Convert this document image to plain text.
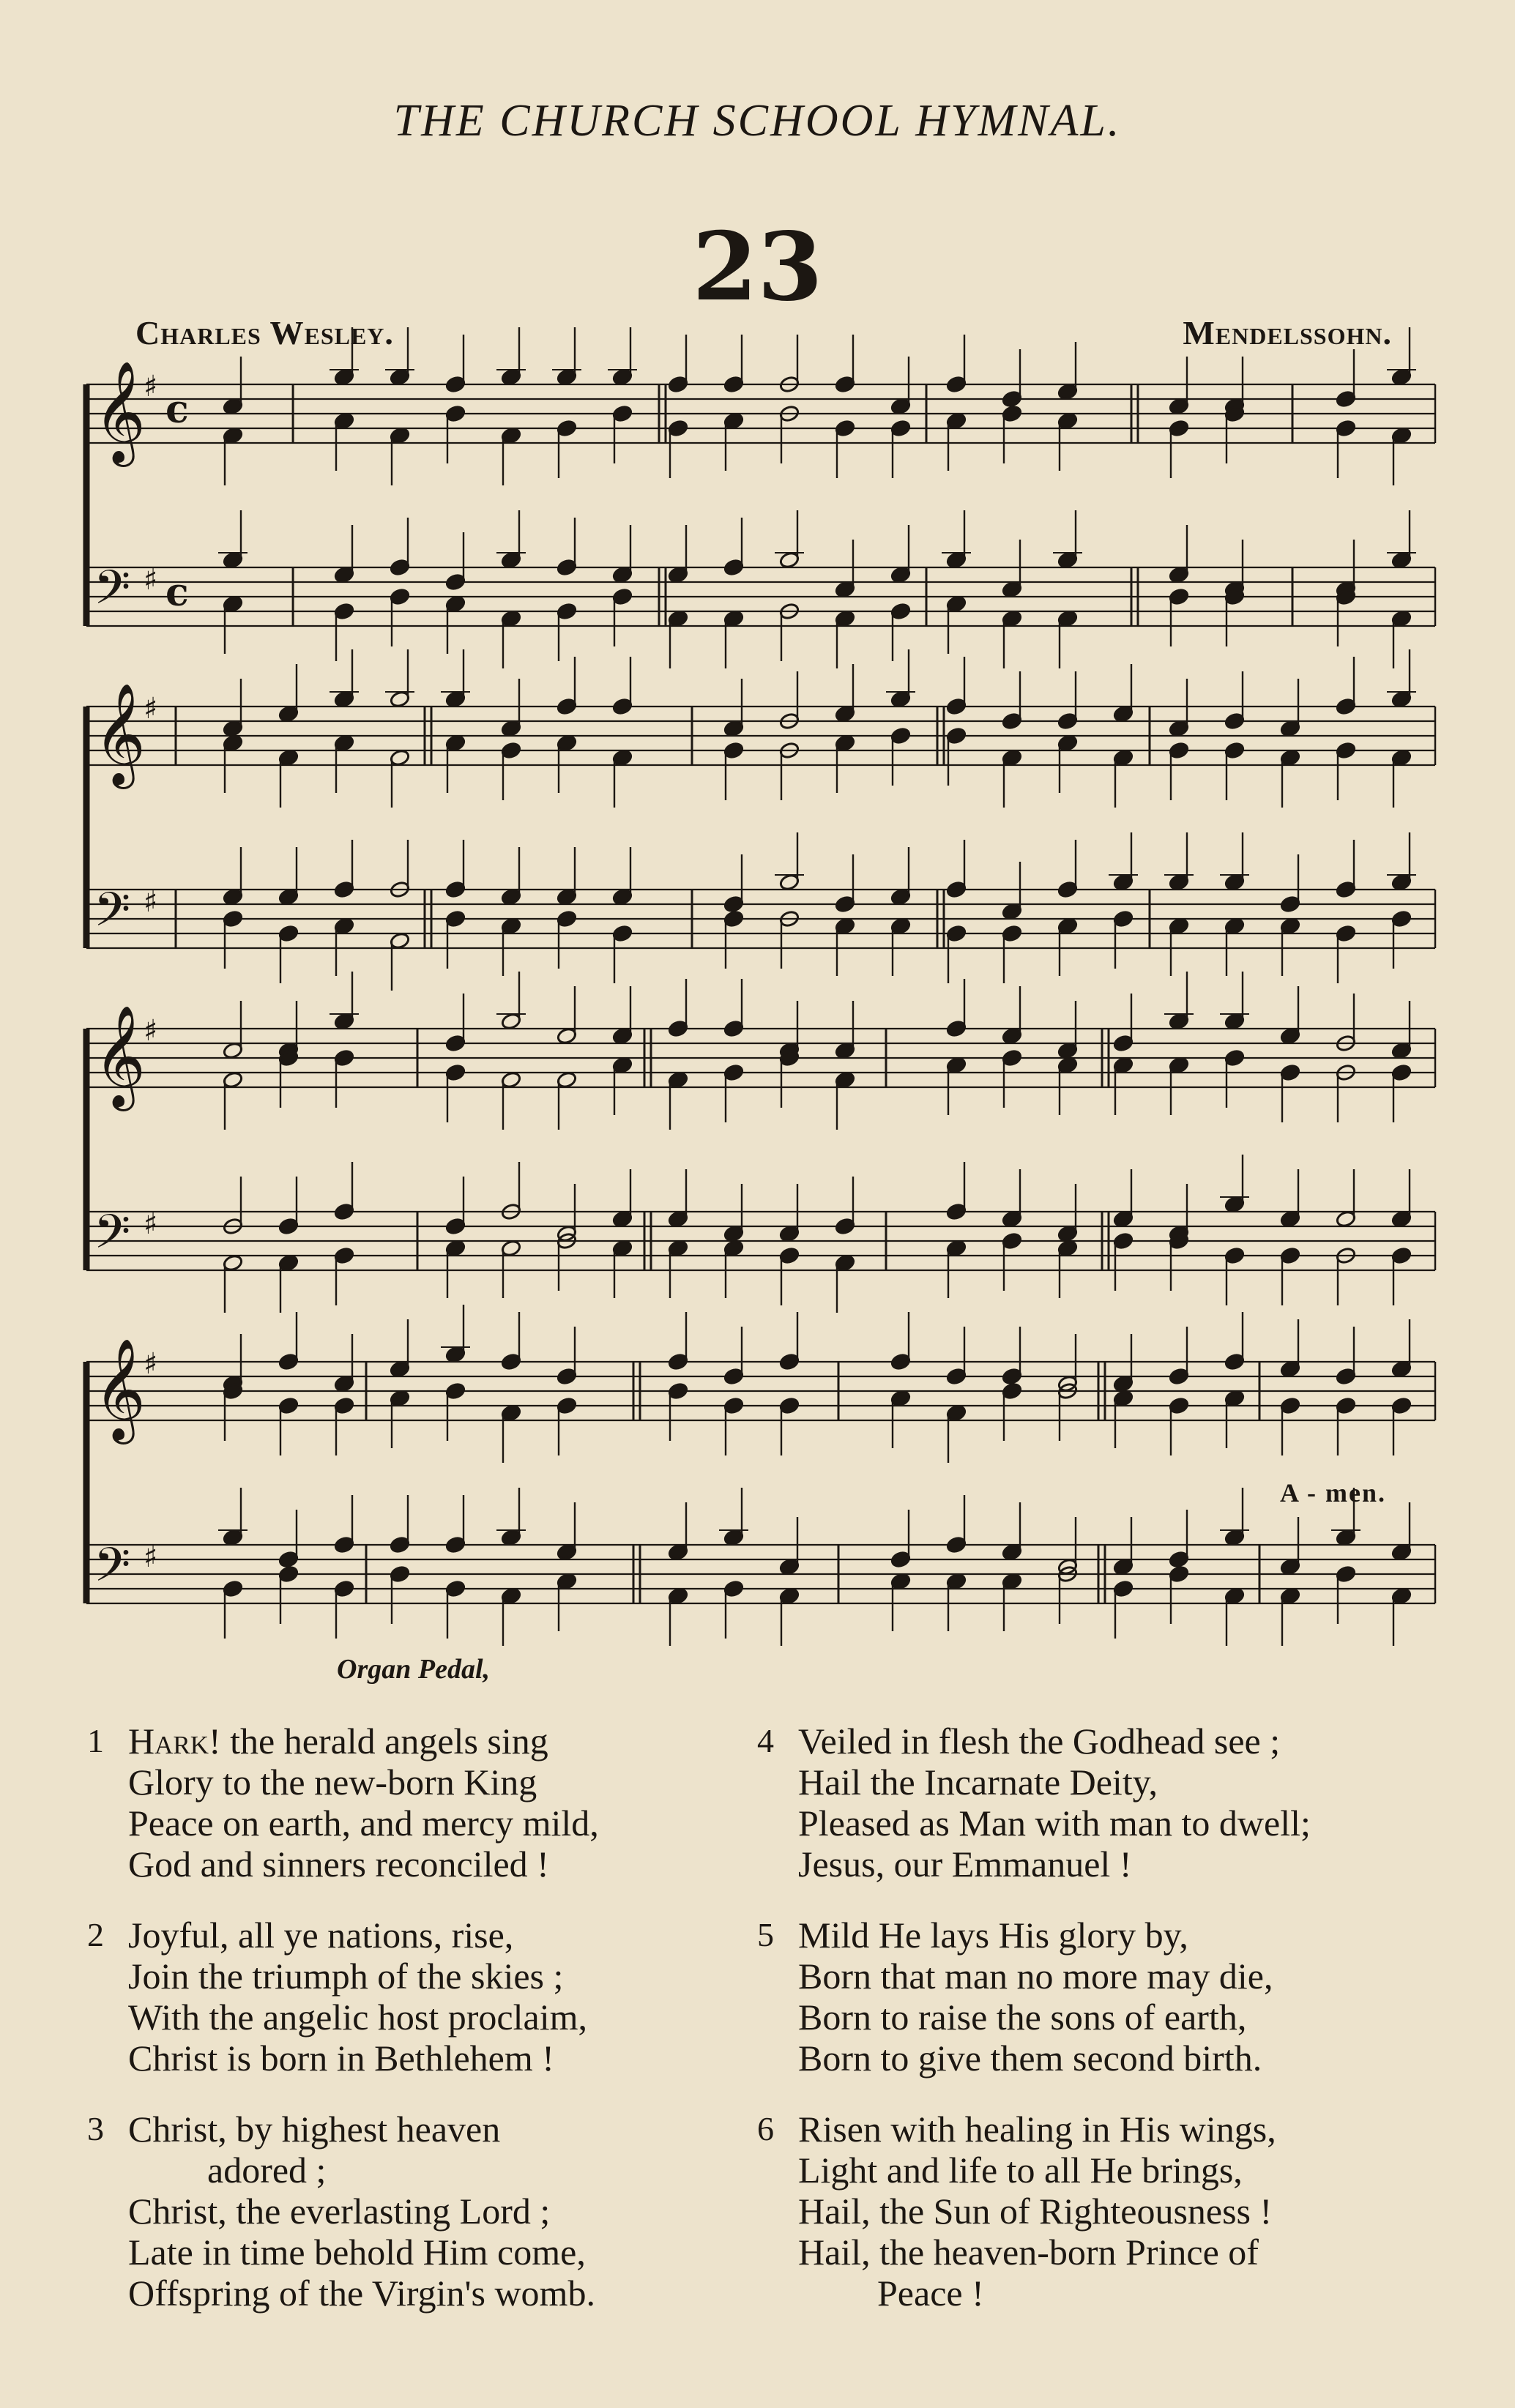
THE CHURCH SCHOOL HYMNAL.
23
Charles Wesley.	Mendelssohn.
𝄞
♯
c
𝄢 ♯ c
𝄞
♯
𝄢 ♯
𝄞
♯
𝄢 ♯
𝄞
♯
𝄢 ♯
A - men.
Organ Pedal,
1 Hark! the herald angels sing
Glory to the new-born King
Peace on earth, and mercy mild,
God and sinners reconciled !
2 Joyful, all ye nations, rise,
Join the triumph of the skies ;
With the angelic host proclaim,
Christ is born in Bethlehem !
3 Christ, by highest heaven
adored ;
Christ, the everlasting Lord ;
Late in time behold Him come,
Offspring of the Virgin's womb.
4 Veiled in flesh the Godhead see ;
Hail the Incarnate Deity,
Pleased as Man with man to dwell;
Jesus, our Emmanuel !
5 Mild He lays His glory by,
Born that man no more may die,
Born to raise the sons of earth,
Born to give them second birth.
6 Risen with healing in His wings,
Light and life to all He brings,
Hail, the Sun of Righteousness !
Hail, the heaven-born Prince of
Peace !
